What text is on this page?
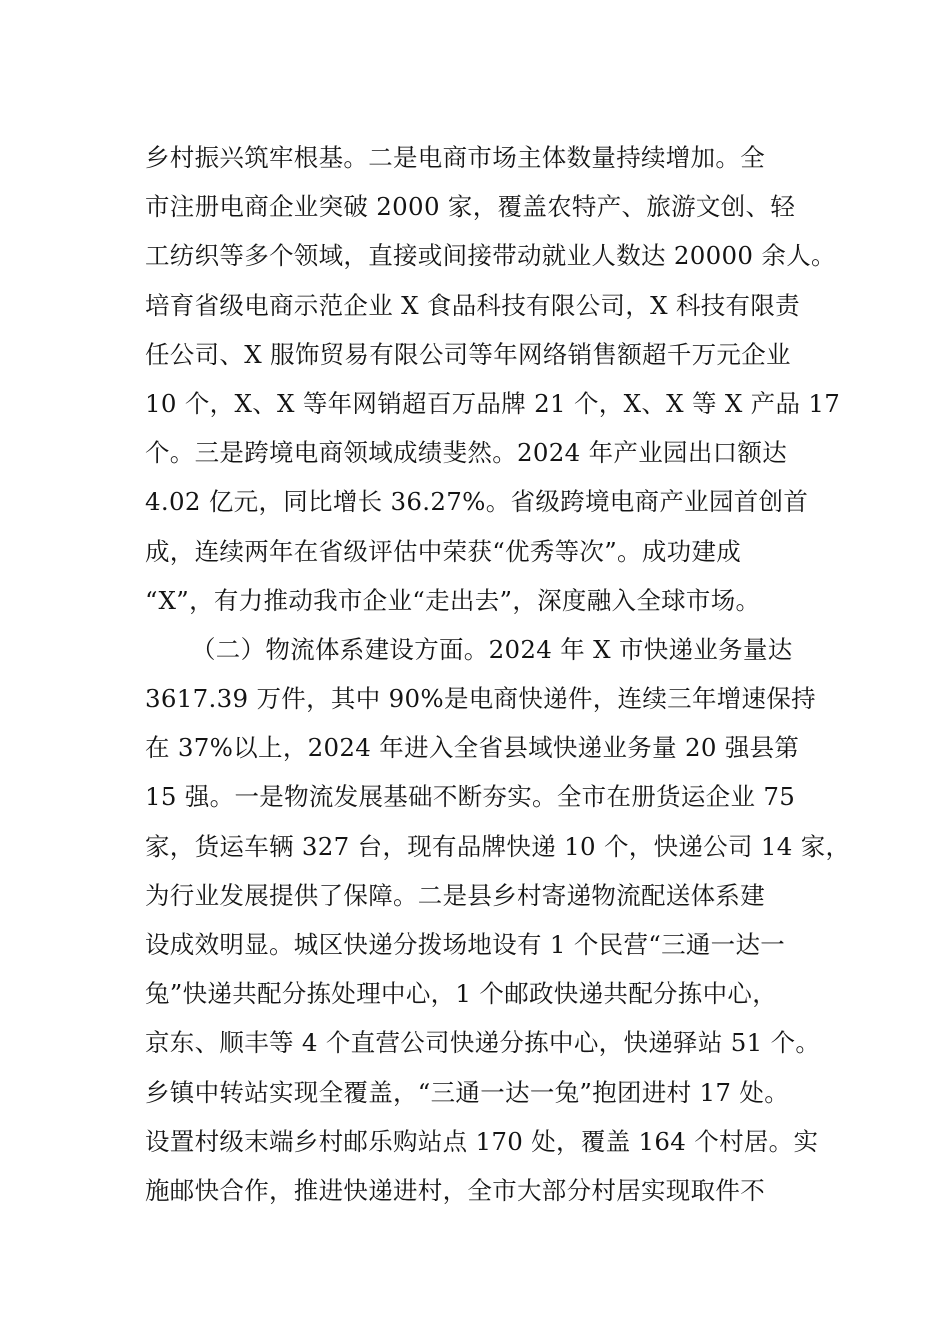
乡村振兴筑牢根基。二是电商市场主体数量持续增加。全
市注册电商企业突破 2000 家，覆盖农特产、旅游文创、轻
工纺织等多个领域，直接或间接带动就业人数达 20000 余人。
培育省级电商示范企业 X 食品科技有限公司，X 科技有限责
任公司、X 服饰贸易有限公司等年网络销售额超千万元企业
10 个，X、X 等年网销超百万品牌 21 个，X、X 等 X 产品 17
个。三是跨境电商领域成绩斐然。2024 年产业园出口额达
4.02 亿元，同比增长 36.27%。省级跨境电商产业园首创首
成，连续两年在省级评估中荣获“优秀等次”。成功建成
“X”，有力推动我市企业“走出去”，深度融入全球市场。
（二）物流体系建设方面。2024 年 X 市快递业务量达
3617.39 万件，其中 90%是电商快递件，连续三年增速保持
在 37%以上，2024 年进入全省县域快递业务量 20 强县第
15 强。一是物流发展基础不断夯实。全市在册货运企业 75
家，货运车辆 327 台，现有品牌快递 10 个，快递公司 14 家，
为行业发展提供了保障。二是县乡村寄递物流配送体系建
设成效明显。城区快递分拨场地设有 1 个民营“三通一达一
兔”快递共配分拣处理中心，1 个邮政快递共配分拣中心，
京东、顺丰等 4 个直营公司快递分拣中心，快递驿站 51 个。
乡镇中转站实现全覆盖，“三通一达一兔”抱团进村 17 处。
设置村级末端乡村邮乐购站点 170 处，覆盖 164 个村居。实
施邮快合作，推进快递进村，全市大部分村居实现取件不
